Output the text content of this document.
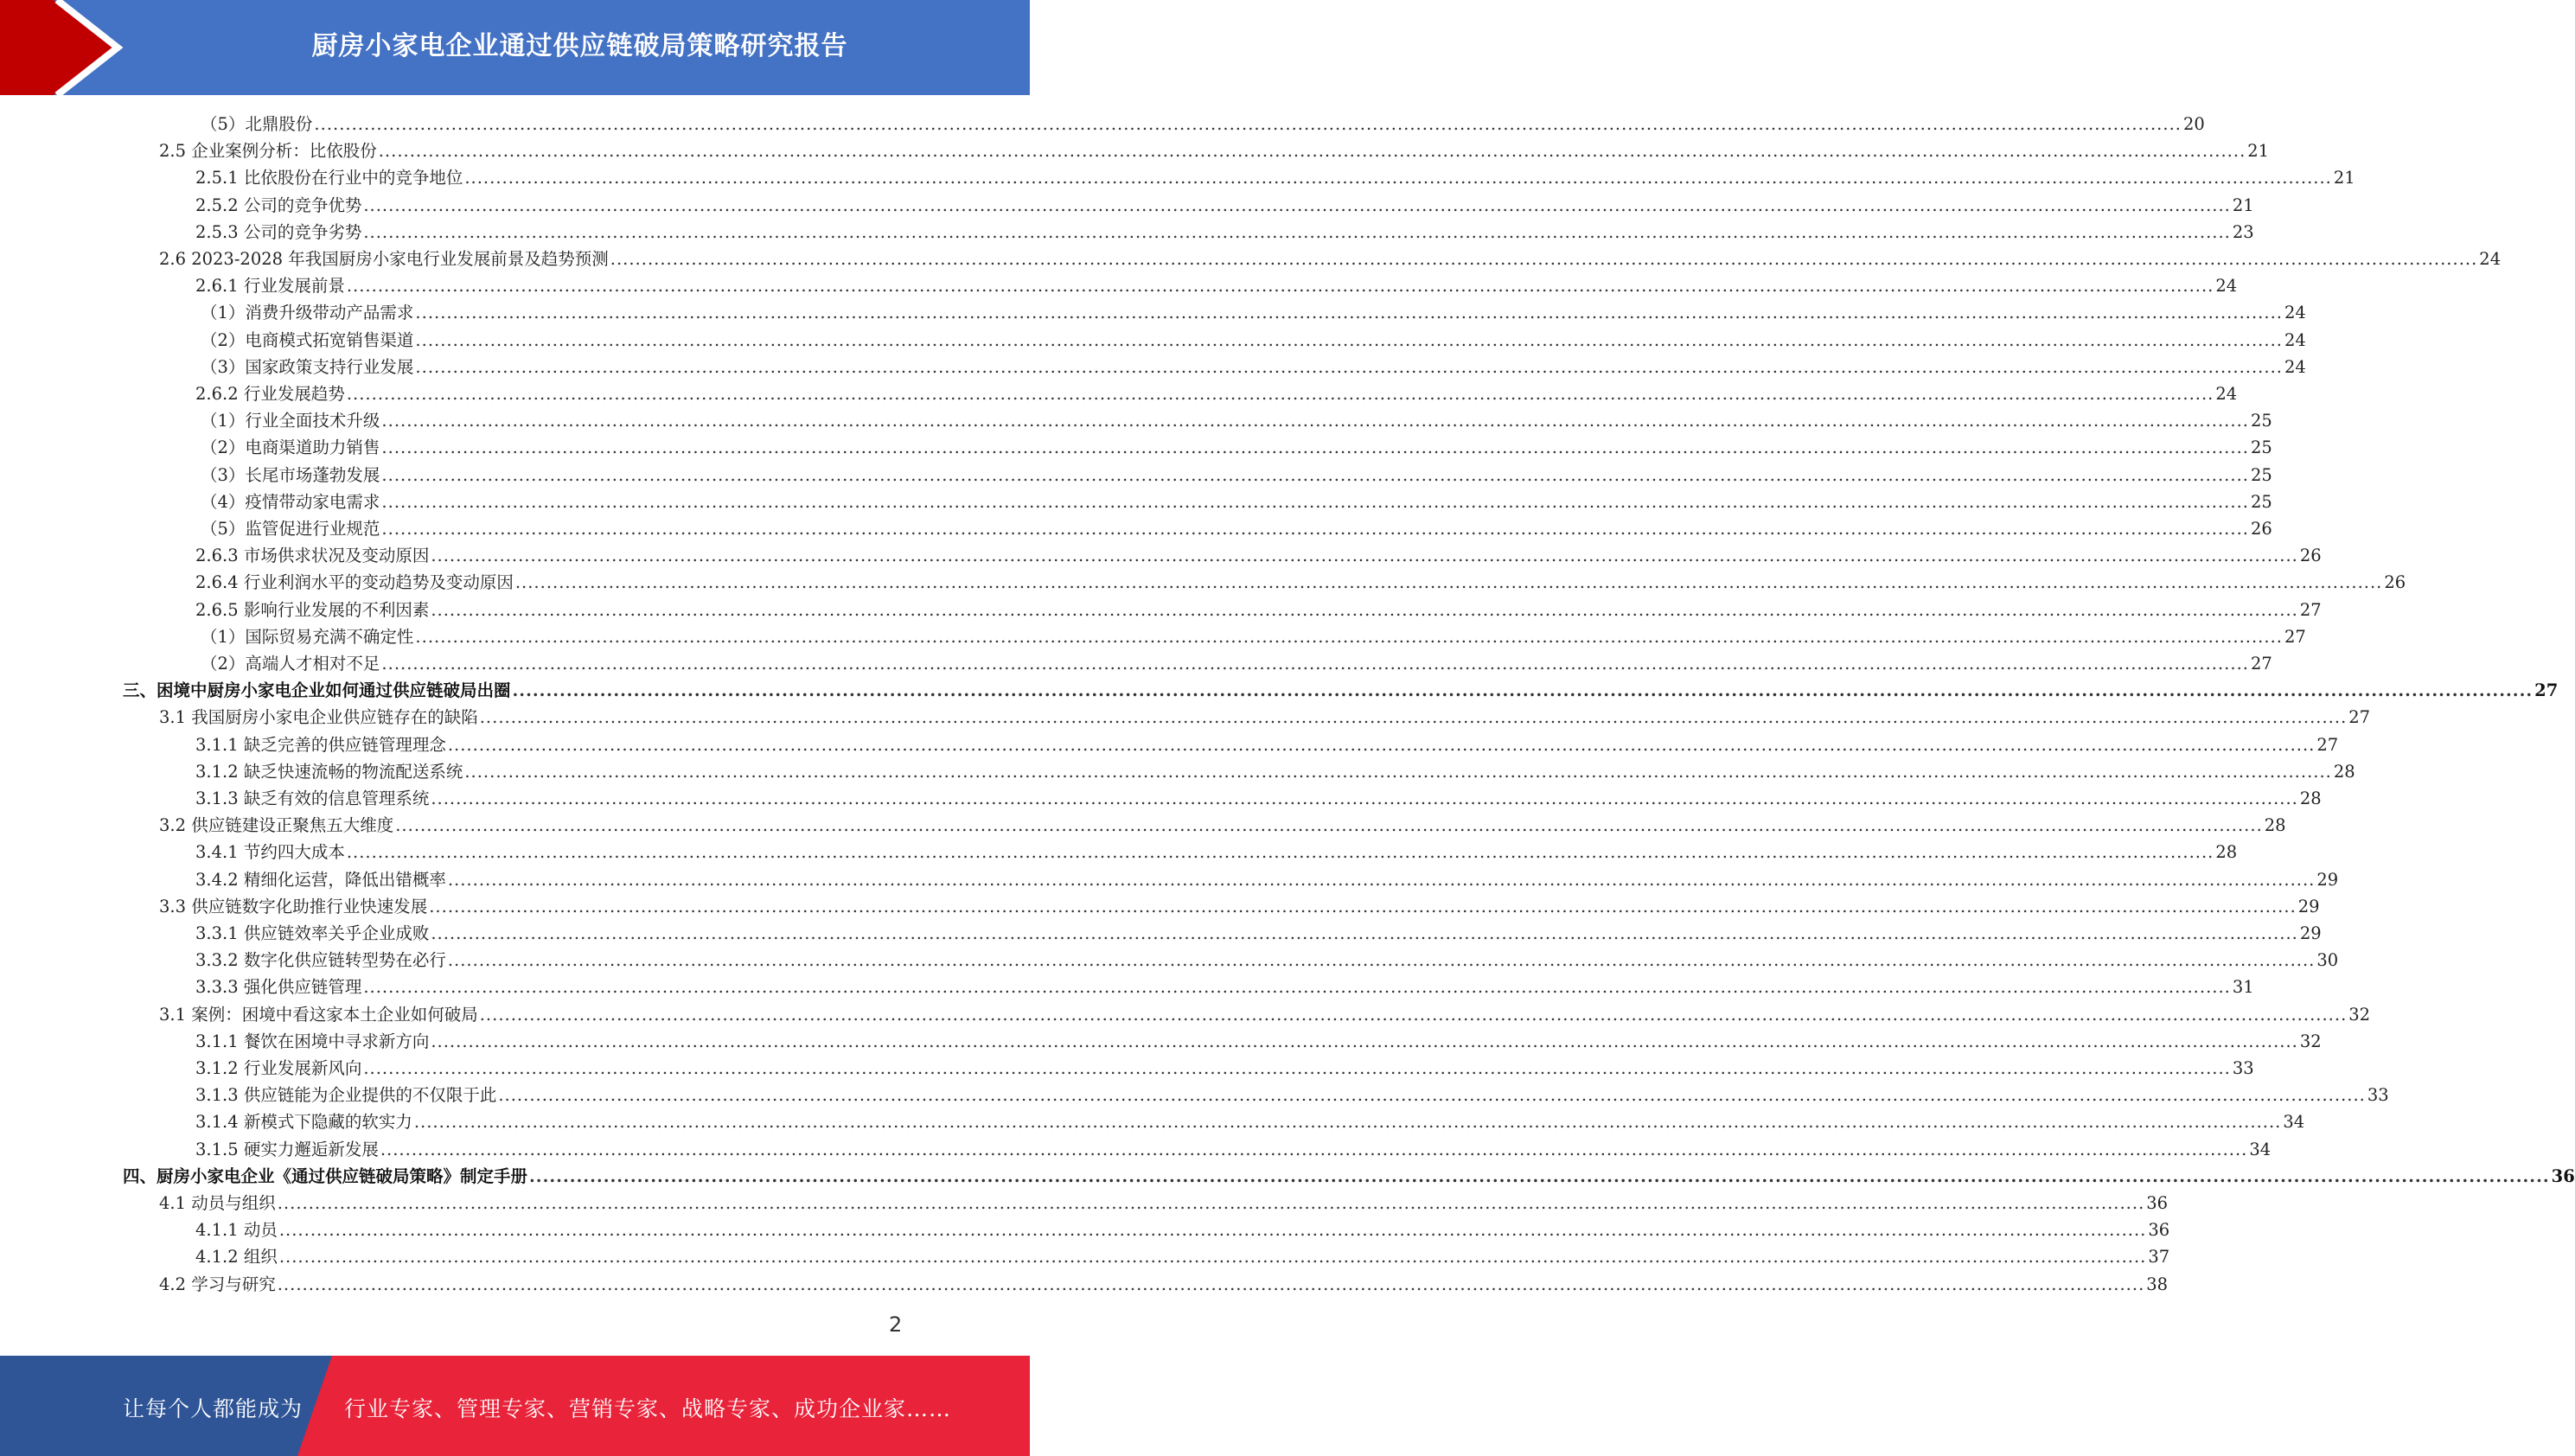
厨房小家电企业通过供应链破局策略研究报告
（5）北鼎股份 ............................................................................................................................................................................................................................................................................................................ 20
2.5 企业案例分析：比依股份 ............................................................................................................................................................................................................................................................................................................ 21
2.5.1 比依股份在行业中的竞争地位 ............................................................................................................................................................................................................................................................................................................ 21
2.5.2 公司的竞争优势 ............................................................................................................................................................................................................................................................................................................ 21
2.5.3 公司的竞争劣势 ............................................................................................................................................................................................................................................................................................................ 23
2.6 2023-2028 年我国厨房小家电行业发展前景及趋势预测 ............................................................................................................................................................................................................................................................................................................ 24
2.6.1 行业发展前景 ............................................................................................................................................................................................................................................................................................................ 24
（1）消费升级带动产品需求 ............................................................................................................................................................................................................................................................................................................ 24
（2）电商模式拓宽销售渠道 ............................................................................................................................................................................................................................................................................................................ 24
（3）国家政策支持行业发展 ............................................................................................................................................................................................................................................................................................................ 24
2.6.2 行业发展趋势 ............................................................................................................................................................................................................................................................................................................ 24
（1）行业全面技术升级 ............................................................................................................................................................................................................................................................................................................ 25
（2）电商渠道助力销售 ............................................................................................................................................................................................................................................................................................................ 25
（3）长尾市场蓬勃发展 ............................................................................................................................................................................................................................................................................................................ 25
（4）疫情带动家电需求 ............................................................................................................................................................................................................................................................................................................ 25
（5）监管促进行业规范 ............................................................................................................................................................................................................................................................................................................ 26
2.6.3 市场供求状况及变动原因 ............................................................................................................................................................................................................................................................................................................ 26
2.6.4 行业利润水平的变动趋势及变动原因 ............................................................................................................................................................................................................................................................................................................ 26
2.6.5 影响行业发展的不利因素 ............................................................................................................................................................................................................................................................................................................ 27
（1）国际贸易充满不确定性 ............................................................................................................................................................................................................................................................................................................ 27
（2）高端人才相对不足 ............................................................................................................................................................................................................................................................................................................ 27
三、困境中厨房小家电企业如何通过供应链破局出圈 ............................................................................................................................................................................................................................................................................................................ 27
3.1 我国厨房小家电企业供应链存在的缺陷 ............................................................................................................................................................................................................................................................................................................ 27
3.1.1 缺乏完善的供应链管理理念 ............................................................................................................................................................................................................................................................................................................ 27
3.1.2 缺乏快速流畅的物流配送系统 ............................................................................................................................................................................................................................................................................................................ 28
3.1.3 缺乏有效的信息管理系统 ............................................................................................................................................................................................................................................................................................................ 28
3.2 供应链建设正聚焦五大维度 ............................................................................................................................................................................................................................................................................................................ 28
3.4.1 节约四大成本 ............................................................................................................................................................................................................................................................................................................ 28
3.4.2 精细化运营，降低出错概率 ............................................................................................................................................................................................................................................................................................................ 29
3.3 供应链数字化助推行业快速发展 ............................................................................................................................................................................................................................................................................................................ 29
3.3.1 供应链效率关乎企业成败 ............................................................................................................................................................................................................................................................................................................ 29
3.3.2 数字化供应链转型势在必行 ............................................................................................................................................................................................................................................................................................................ 30
3.3.3 强化供应链管理 ............................................................................................................................................................................................................................................................................................................ 31
3.1 案例：困境中看这家本土企业如何破局 ............................................................................................................................................................................................................................................................................................................ 32
3.1.1 餐饮在困境中寻求新方向 ............................................................................................................................................................................................................................................................................................................ 32
3.1.2 行业发展新风向 ............................................................................................................................................................................................................................................................................................................ 33
3.1.3 供应链能为企业提供的不仅限于此 ............................................................................................................................................................................................................................................................................................................ 33
3.1.4 新模式下隐藏的软实力 ............................................................................................................................................................................................................................................................................................................ 34
3.1.5 硬实力邂逅新发展 ............................................................................................................................................................................................................................................................................................................ 34
四、厨房小家电企业《通过供应链破局策略》制定手册 ............................................................................................................................................................................................................................................................................................................ 36
4.1 动员与组织 ............................................................................................................................................................................................................................................................................................................ 36
4.1.1 动员 ............................................................................................................................................................................................................................................................................................................ 36
4.1.2 组织 ............................................................................................................................................................................................................................................................................................................ 37
4.2 学习与研究 ............................................................................................................................................................................................................................................................................................................ 38
2
让每个人都能成为 行业专家、管理专家、营销专家、战略专家、成功企业家……
